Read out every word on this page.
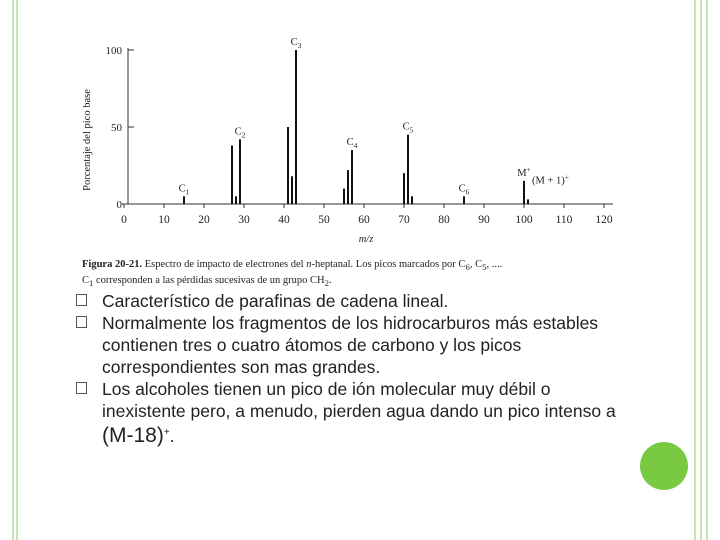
0
50
100
0	10 20 30 40 50 60 70 80 90 100 110 120
$C_1$
$C_2$
$C_3$
$C_4$
$C_5$
$C_6$
M+
(M + 1)+
Porcentaje del pico base
m/z
Figura 20-21. Espectro de impacto de electrones del n-heptanal. Los picos marcados por $C_6$, $C_5$, ....
$C_1$ corresponden a las pérdidas sucesivas de un grupo $CH_2$.
Característico de parafinas de cadena lineal.
Normalmente los fragmentos de los hidrocarburos más estables contienen tres o cuatro átomos de carbono y los picos correspondientes son mas grandes.
Los alcoholes tienen un pico de ión molecular muy débil o inexistente pero, a menudo, pierden agua dando un pico intenso a (M-18)+.
